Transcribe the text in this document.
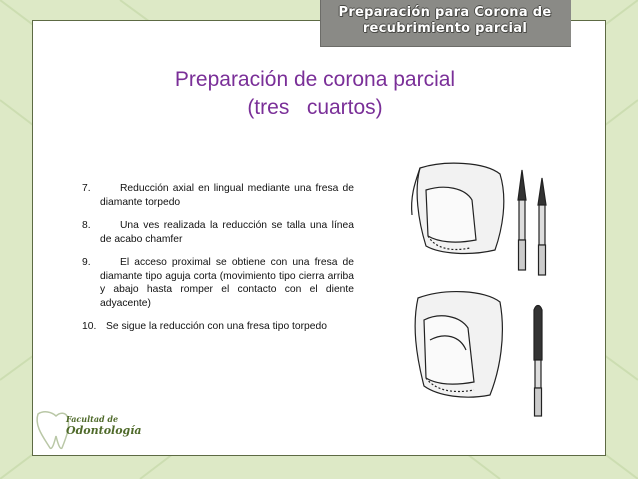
Preparación para Corona de
recubrimiento parcial
Preparación de corona parcial
(tres   cuartos)
7.	Reducción axial en lingual mediante una fresa de diamante torpedo
8.	Una ves realizada la reducción se talla una línea de acabo chamfer
9.	El acceso proximal se obtiene con una fresa de diamante tipo aguja corta (movimiento tipo cierra arriba y abajo hasta romper el contacto con el diente adyacente)
10. Se sigue la reducción con una fresa tipo torpedo
Facultad de
Odontología
